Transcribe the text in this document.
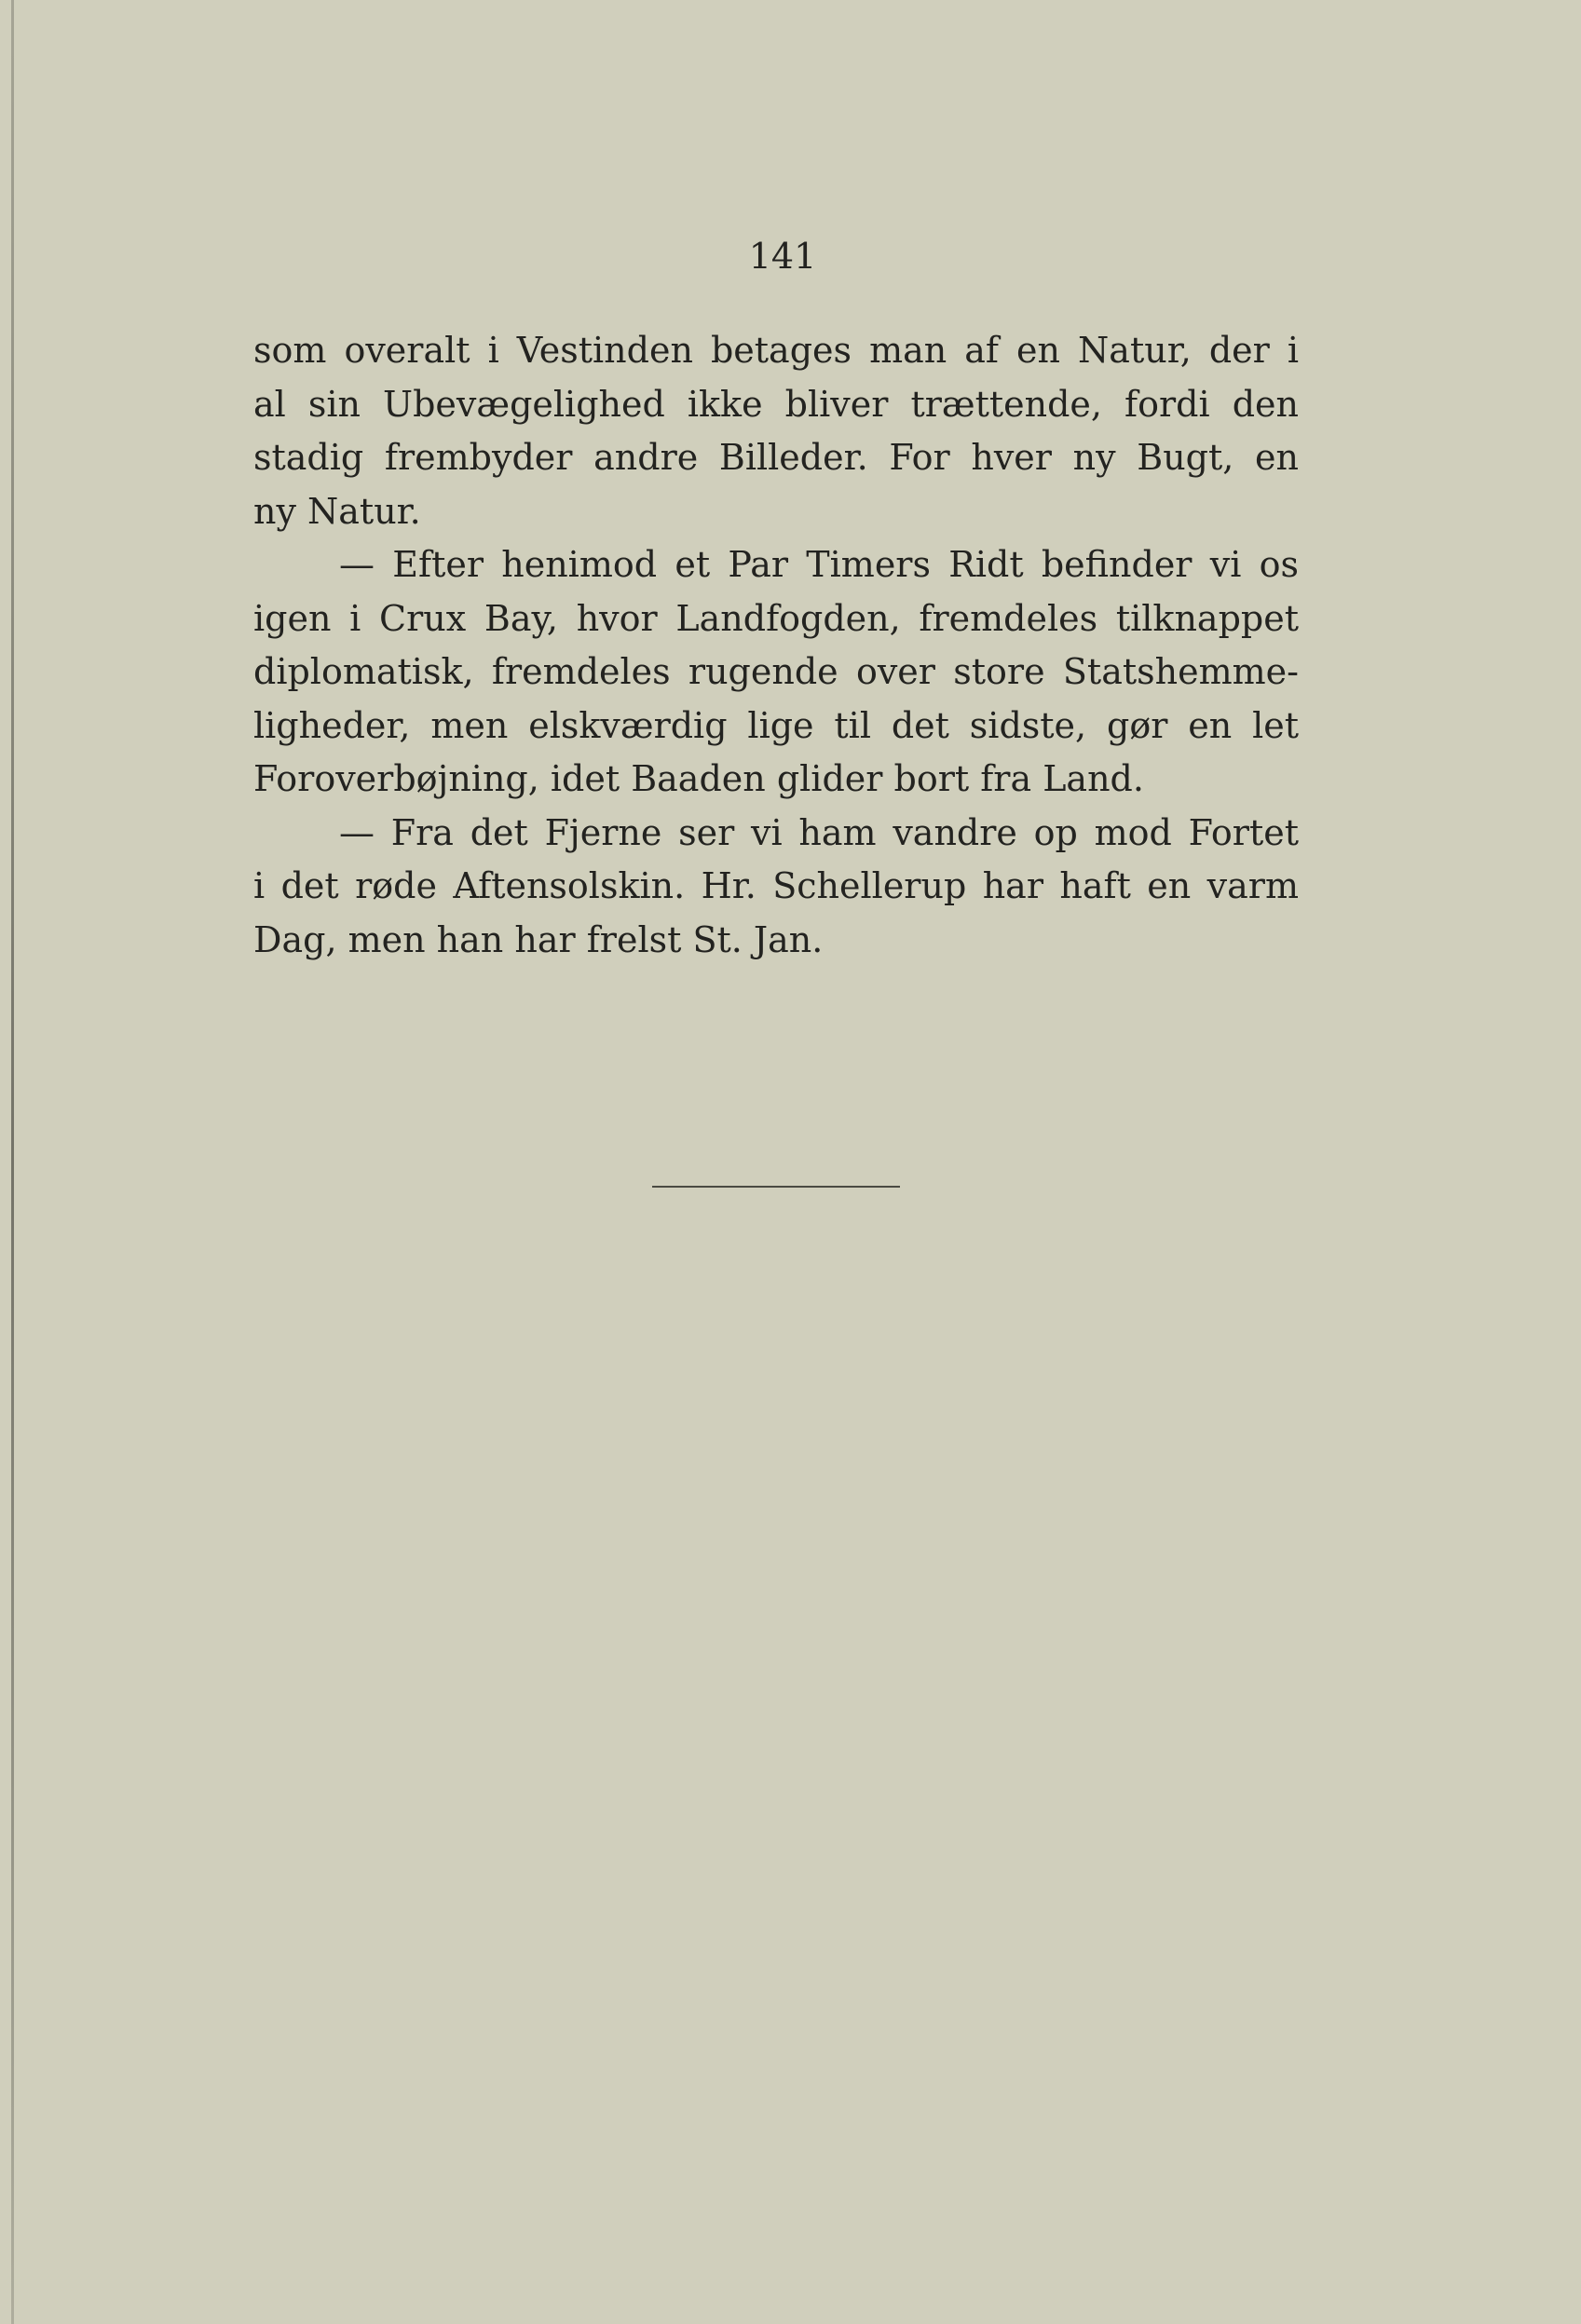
141
som overalt i Vestinden betages man af en Natur, der i
al sin Ubevægelighed ikke bliver trættende, fordi den
stadig frembyder andre Billeder. For hver ny Bugt, en
ny Natur.
— Efter henimod et Par Timers Ridt befinder vi os
igen i Crux Bay, hvor Landfogden, fremdeles tilknappet
diplomatisk, fremdeles rugende over store Statshemme-
ligheder, men elskværdig lige til det sidste, gør en let
Foroverbøjning, idet Baaden glider bort fra Land.
— Fra det Fjerne ser vi ham vandre op mod Fortet
i det røde Aftensolskin. Hr. Schellerup har haft en varm
Dag, men han har frelst St. Jan.
